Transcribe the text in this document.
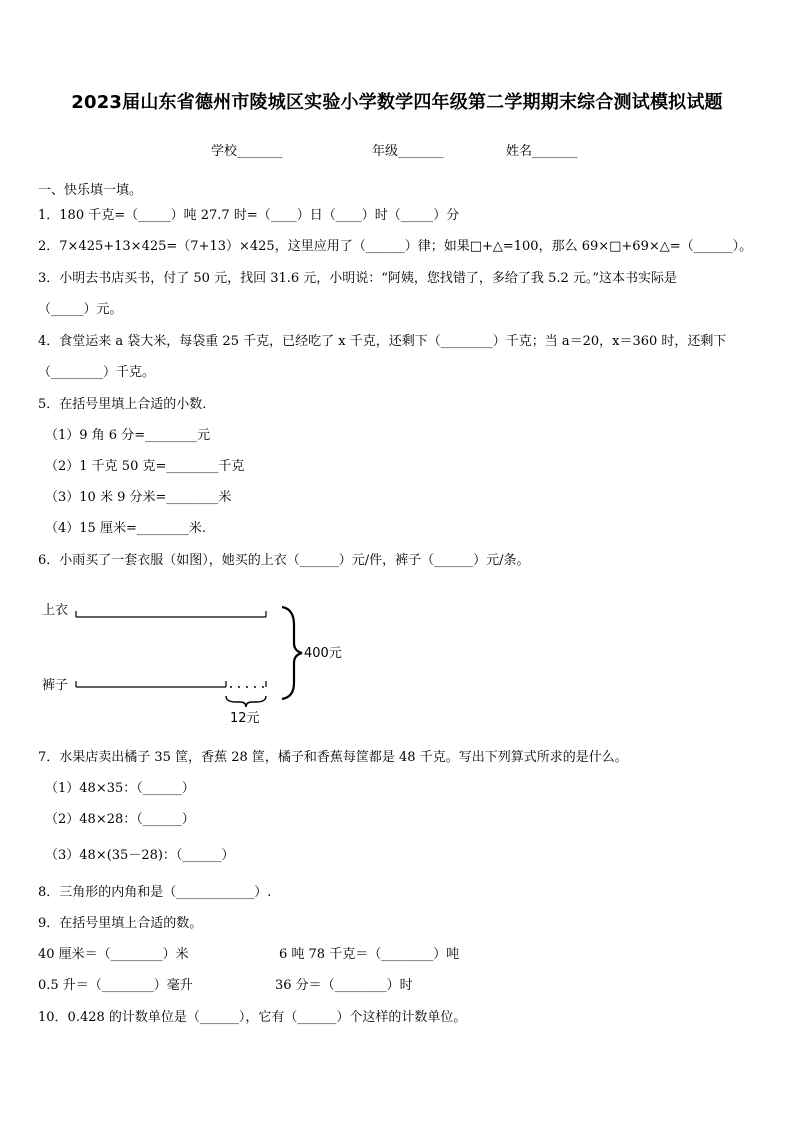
2023届山东省德州市陵城区实验小学数学四年级第二学期期末综合测试模拟试题
学校_______	年级_______	姓名_______
一、快乐填一填。
1．180 千克=（_____）吨 27.7 时=（____）日（____）时（_____）分
2．7×425+13×425=（7+13）×425，这里应用了（______）律；如果□+△=100，那么 69×□+69×△=（______）。
3．小明去书店买书，付了 50 元，找回 31.6 元，小明说：“阿姨，您找错了，多给了我 5.2 元。”这本书实际是
（_____）元。
4．食堂运来 a 袋大米，每袋重 25 千克，已经吃了 x 千克，还剩下（________）千克；当 a＝20，x＝360 时，还剩下
（________）千克。
5．在括号里填上合适的小数．
（1）9 角 6 分=________元
（2）1 千克 50 克=________千克
（3）10 米 9 分米=________米
（4）15 厘米=________米.
6．小雨买了一套衣服（如图），她买的上衣（______）元/件，裤子（______）元/条。
上衣
裤子
12元
400元
7．水果店卖出橘子 35 筐，香蕉 28 筐，橘子和香蕉每筐都是 48 千克。写出下列算式所求的是什么。
（1）48×35：（______）
（2）48×28：（______）
（3）48×(35－28)：（______）
8．三角形的内角和是（____________）.
9．在括号里填上合适的数。
40 厘米＝（________）米	6 吨 78 千克＝（________）吨
0.5 升＝（________）毫升	36 分＝（________）时
10．0.428 的计数单位是（______），它有（______）个这样的计数单位。
